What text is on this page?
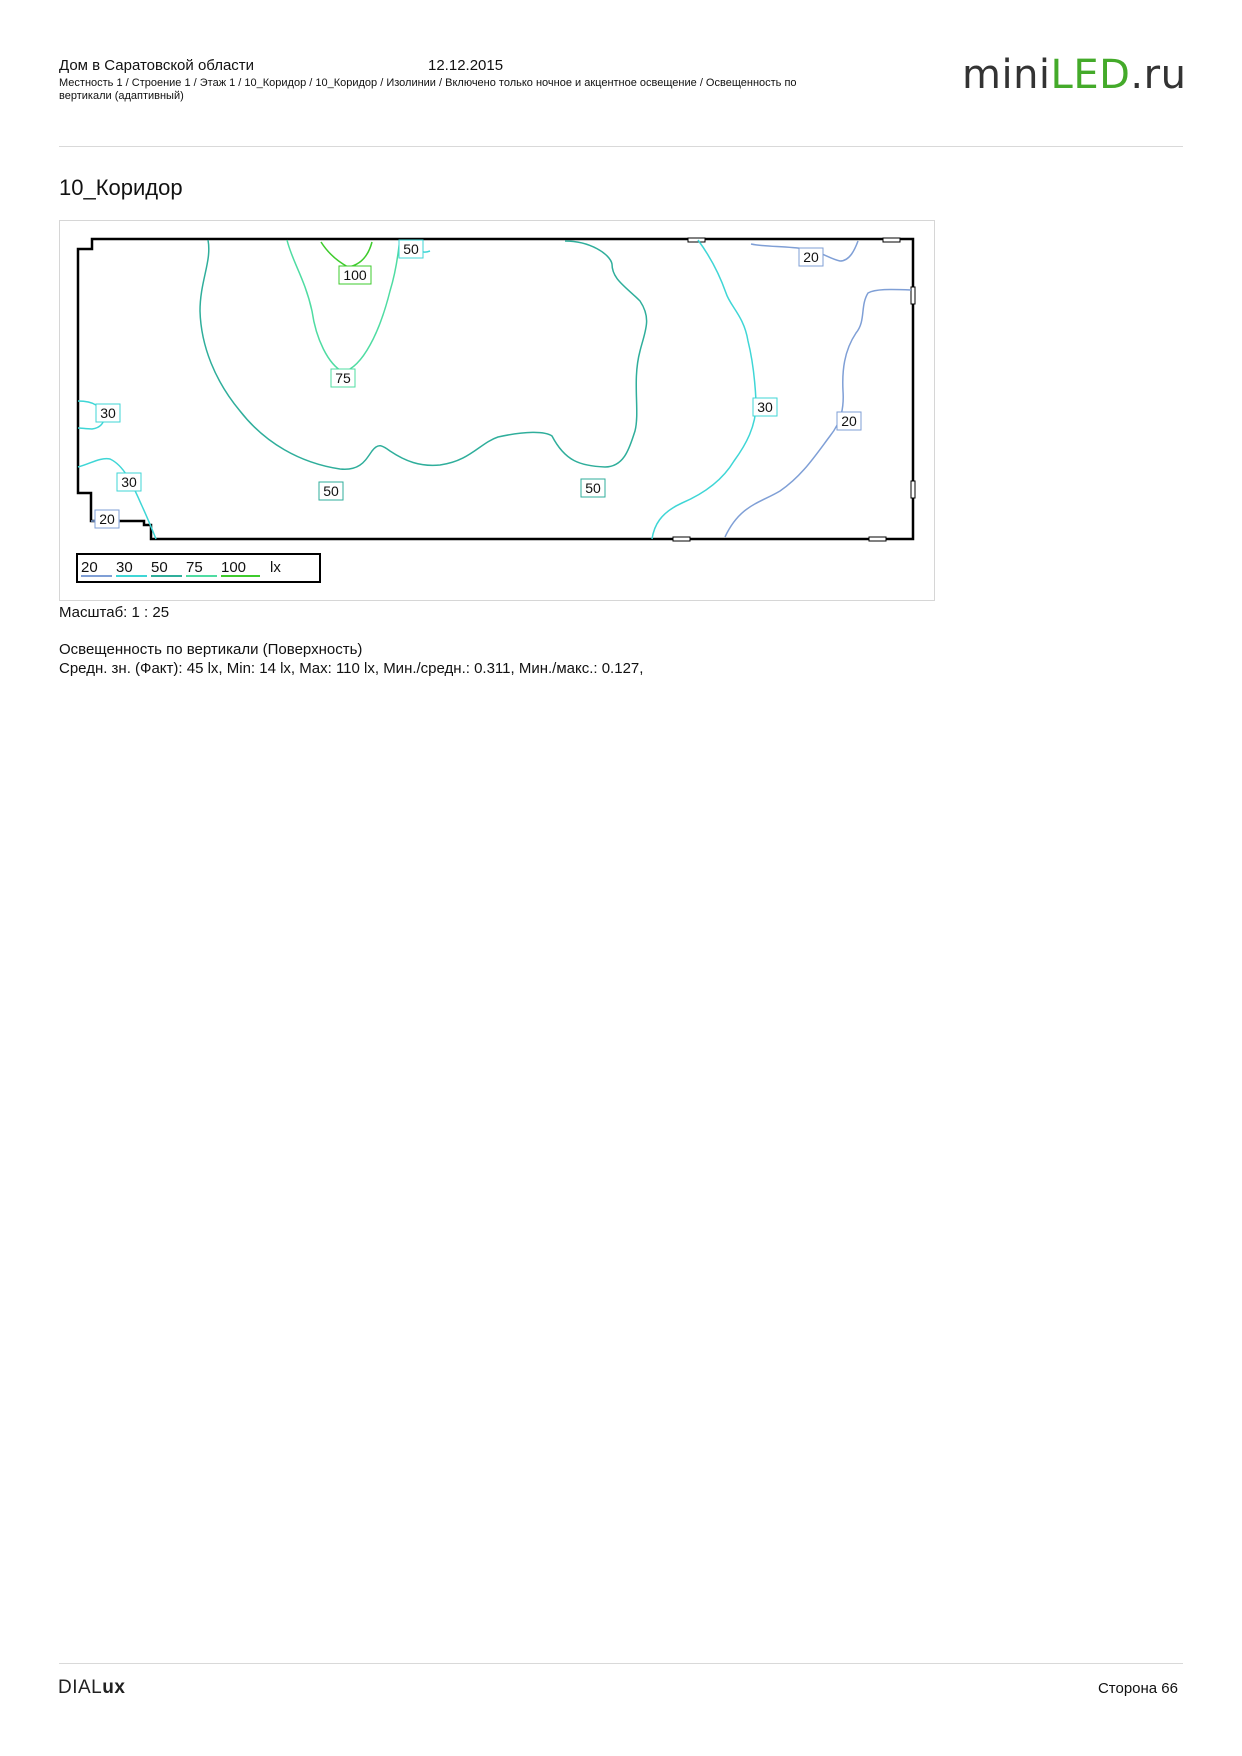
Дом в Саратовской области	12.12.2015
Местность 1 / Строение 1 / Этаж 1 / 10_Коридор / 10_Коридор / Изолинии / Включено только ночное и акцентное освещение / Освещенность по вертикали (адаптивный)	miniLED.ru
10_Коридор
100
75
50
50	50
30
30
30
20
20
20
20 30 50 75 100 lx
Масштаб: 1 : 25
Освещенность по вертикали (Поверхность)
Средн. зн. (Факт): 45 lx, Min: 14 lx, Max: 110 lx, Мин./средн.: 0.311, Мин./макс.: 0.127,
DIALux	Сторона 66
